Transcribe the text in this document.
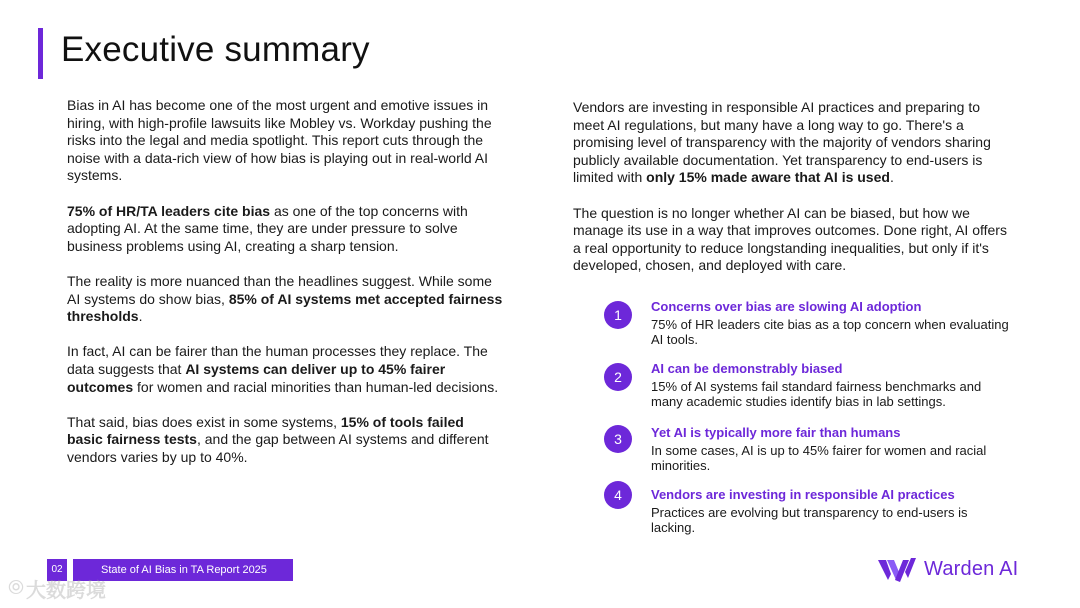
Executive summary

Bias in AI has become one of the most urgent and emotive issues in hiring, with high-profile lawsuits like Mobley vs. Workday pushing the risks into the legal and media spotlight. This report cuts through the noise with a data-rich view of how bias is playing out in real-world AI systems.

75% of HR/TA leaders cite bias as one of the top concerns with adopting AI. At the same time, they are under pressure to solve business problems using AI, creating a sharp tension.

The reality is more nuanced than the headlines suggest. While some AI systems do show bias, 85% of AI systems met accepted fairness thresholds.

In fact, AI can be fairer than the human processes they replace. The data suggests that AI systems can deliver up to 45% fairer outcomes for women and racial minorities than human-led decisions.

That said, bias does exist in some systems, 15% of tools failed basic fairness tests, and the gap between AI systems and different vendors varies by up to 40%.

Vendors are investing in responsible AI practices and preparing to meet AI regulations, but many have a long way to go. There's a promising level of transparency with the majority of vendors sharing publicly available documentation. Yet transparency to end-users is limited with only 15% made aware that AI is used.

The question is no longer whether AI can be biased, but how we manage its use in a way that improves outcomes. Done right, AI offers a real opportunity to reduce longstanding inequalities, but only if it's developed, chosen, and deployed with care.

1
Concerns over bias are slowing AI adoption
75% of HR leaders cite bias as a top concern when evaluating AI tools.
2
AI can be demonstrably biased
15% of AI systems fail standard fairness benchmarks and many academic studies identify bias in lab settings.
3	Yet AI is typically more fair than humans
In some cases, AI is up to 45% fairer for women and racial minorities.
4	Vendors are investing in responsible AI practices
Practices are evolving but transparency to end-users is lacking.
02	State of AI Bias in TA Report 2025	Warden AI
⦾ 大数跨境
